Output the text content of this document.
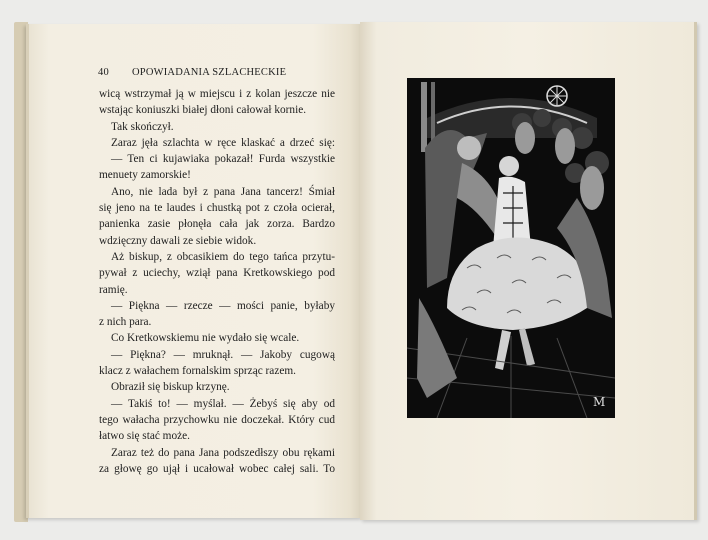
40 OPOWIADANIA SZLACHECKIE
wicą wstrzymał ją w miejscu i z kolan jeszcze nie
wstając koniuszki białej dłoni całował kornie.
Tak skończył.
Zaraz jęła szlachta w ręce klaskać a drzeć się:
— Ten ci kujawiaka pokazał! Furda wszystkie
menuety zamorskie!
Ano, nie lada był z pana Jana tancerz! Śmiał
się jeno na te laudes i chustką pot z czoła ocierał,
panienka zasie płonęła cała jak zorza. Bardzo
wdzięczny dawali ze siebie widok.
Aż biskup, z obcasikiem do tego tańca przytu-
pywał z uciechy, wziął pana Kretkowskiego pod
ramię.
— Piękna — rzecze — mości panie, byłaby
z nich para.
Co Kretkowskiemu nie wydało się wcale.
— Piękna? — mruknął. — Jakoby cugową
klacz z wałachem fornalskim sprząc razem.
Obraził się biskup krzynę.
— Takiś to! — myślał. — Żebyś się aby od
tego wałacha przychowku nie doczekał. Który cud
łatwo się stać może.
Zaraz też do pana Jana podszedłszy obu rękami
za głowę go ujął i ucałował wobec całej sali. To
M
